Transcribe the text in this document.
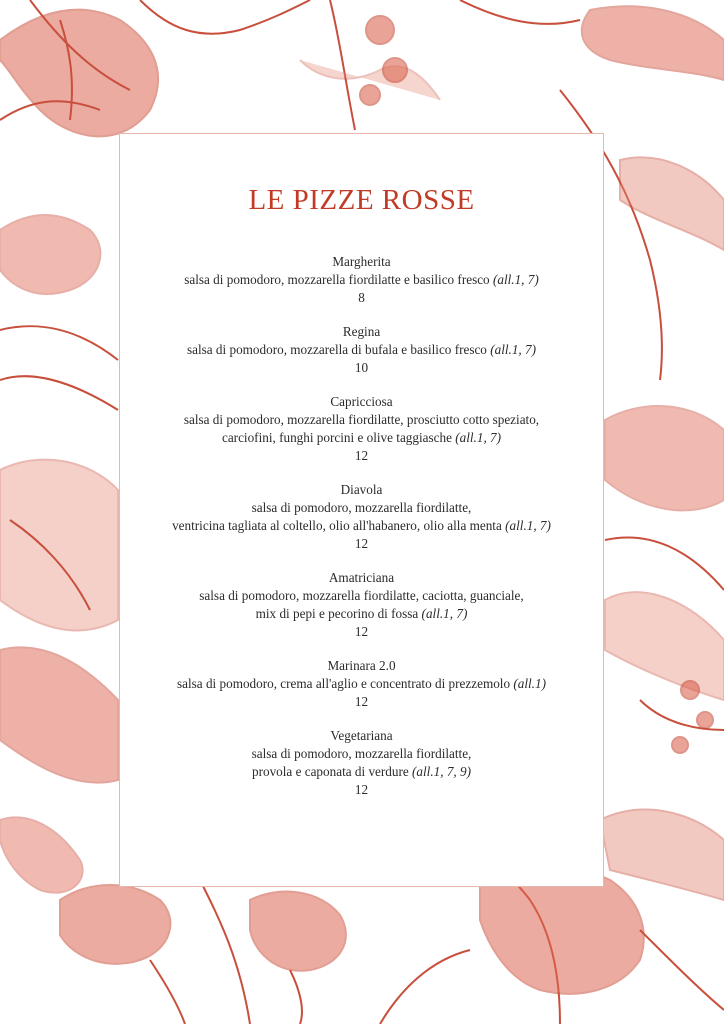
LE PIZZE ROSSE
Margherita
salsa di pomodoro, mozzarella fiordilatte e basilico fresco (all.1, 7)
8
Regina
salsa di pomodoro, mozzarella di bufala e basilico fresco (all.1, 7)
10
Capricciosa
salsa di pomodoro, mozzarella fiordilatte, prosciutto cotto speziato,
carciofini, funghi porcini e olive taggiasche (all.1, 7)
12
Diavola
salsa di pomodoro, mozzarella fiordilatte,
ventricina tagliata al coltello, olio all'habanero, olio alla menta (all.1, 7)
12
Amatriciana
salsa di pomodoro, mozzarella fiordilatte, caciotta, guanciale,
mix di pepi e pecorino di fossa (all.1, 7)
12
Marinara 2.0
salsa di pomodoro, crema all'aglio e concentrato di prezzemolo (all.1)
12
Vegetariana
salsa di pomodoro, mozzarella fiordilatte,
provola e caponata di verdure (all.1, 7, 9)
12
